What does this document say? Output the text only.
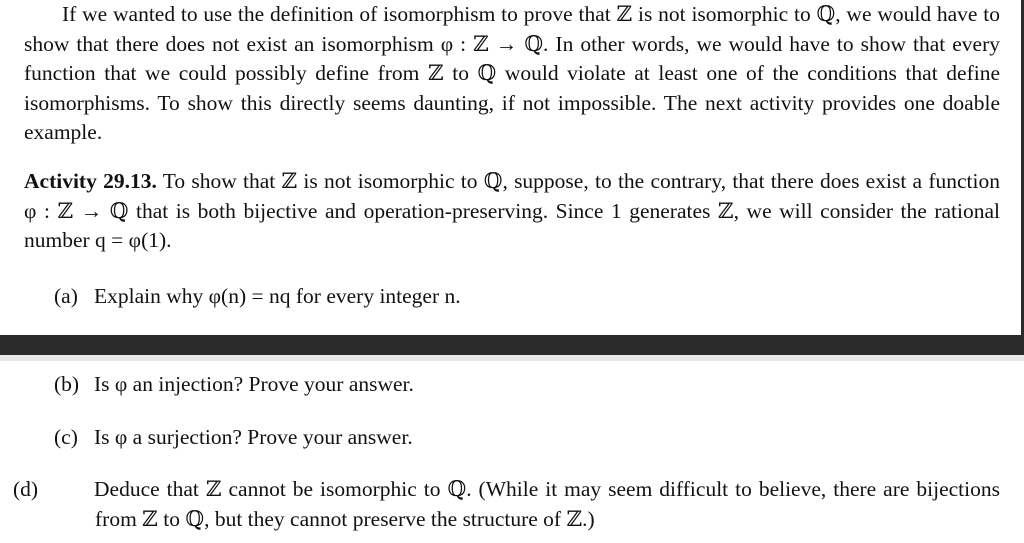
If we wanted to use the definition of isomorphism to prove that ℤ is not isomorphic to ℚ, we would have to show that there does not exist an isomorphism φ : ℤ → ℚ. In other words, we would have to show that every function that we could possibly define from ℤ to ℚ would violate at least one of the conditions that define isomorphisms. To show this directly seems daunting, if not impossible. The next activity provides one doable example.

Activity 29.13. To show that ℤ is not isomorphic to ℚ, suppose, to the contrary, that there does exist a function φ : ℤ → ℚ that is both bijective and operation-preserving. Since 1 generates ℤ, we will consider the rational number q = φ(1).

(a) Explain why φ(n) = nq for every integer n.

(b) Is φ an injection? Prove your answer.

(c) Is φ a surjection? Prove your answer.

(d)	Deduce that ℤ cannot be isomorphic to ℚ. (While it may seem difficult to believe, there are bijections from ℤ to ℚ, but they cannot preserve the structure of ℤ.)
